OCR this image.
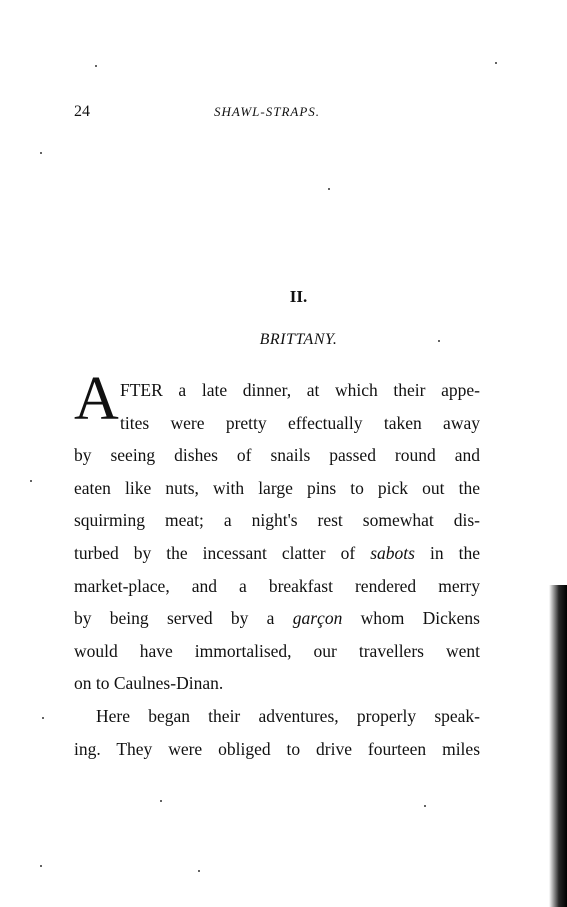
24	SHAWL-STRAPS.
II.
BRITTANY.
A FTER a late dinner, at which their appe-
tites were pretty effectually taken away
by seeing dishes of snails passed round and
eaten like nuts, with large pins to pick out the
squirming meat; a night's rest somewhat dis-
turbed by the incessant clatter of sabots in the
market-place, and a breakfast rendered merry
by being served by a garçon whom Dickens
would have immortalised, our travellers went
on to Caulnes-Dinan.
Here began their adventures, properly speak-
ing. They were obliged to drive fourteen miles
